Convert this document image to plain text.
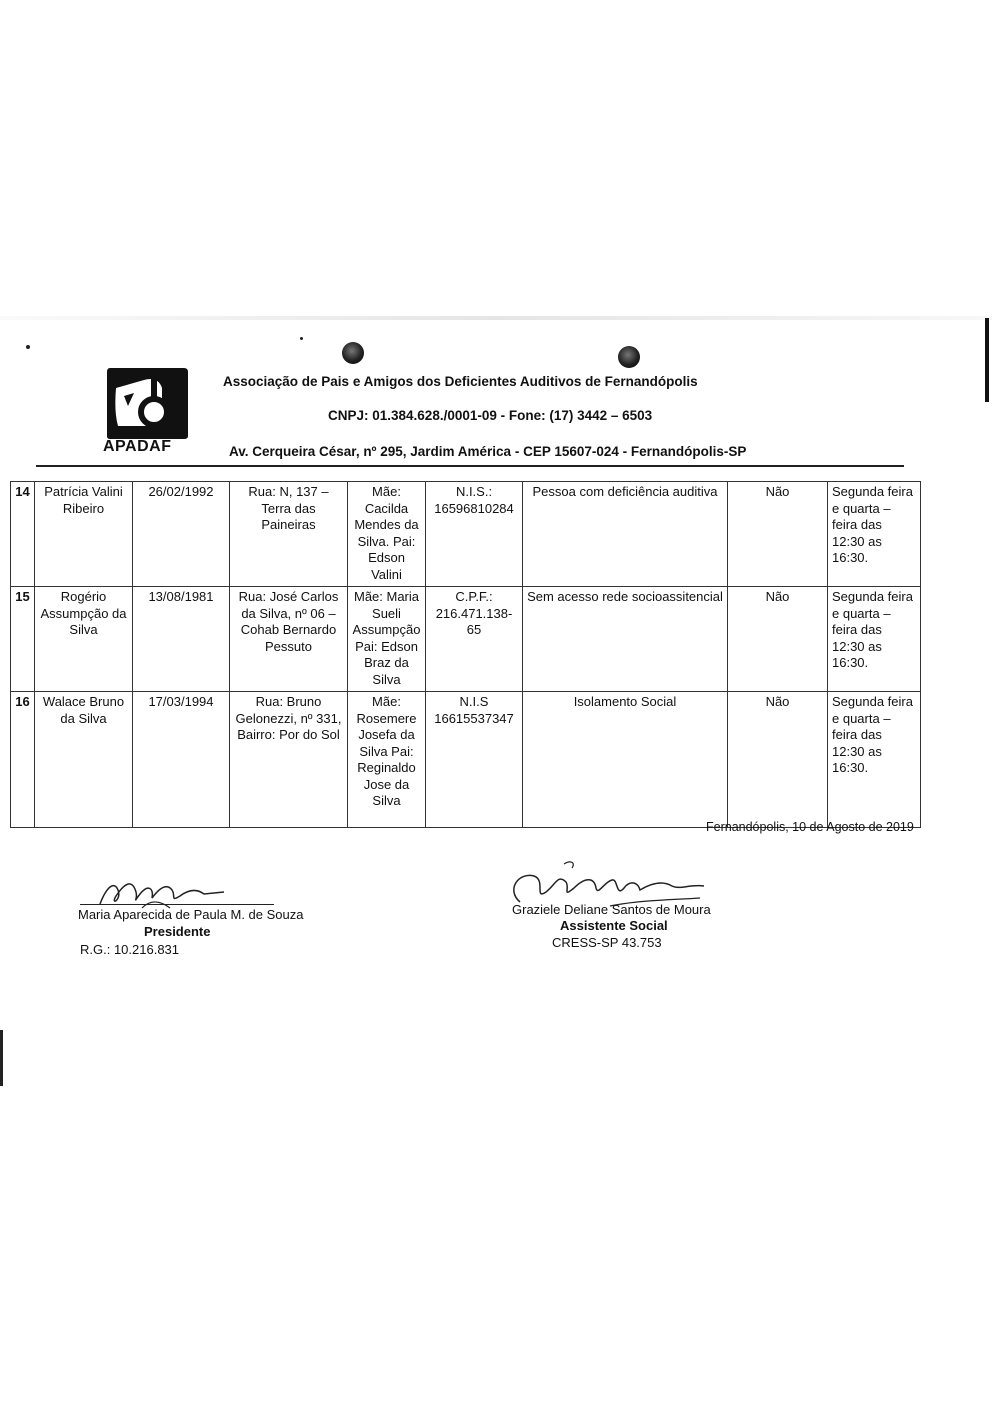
APADAF
Associação de Pais e Amigos dos Deficientes Auditivos de Fernandópolis
CNPJ: 01.384.628./0001-09 - Fone: (17) 3442 – 6503
Av. Cerqueira César, nº 295, Jardim América - CEP 15607-024 - Fernandópolis-SP
14	Patrícia Valini Ribeiro	26/02/1992	Rua: N, 137 – Terra das Paineiras	Mãe: Cacilda Mendes da Silva. Pai: Edson Valini	N.I.S.: 16596810284	Pessoa com deficiência auditiva	Não	Segunda feira e quarta – feira das 12:30 as 16:30.
15	Rogério Assumpção da Silva	13/08/1981	Rua: José Carlos da Silva, nº 06 – Cohab Bernardo Pessuto	Mãe: Maria Sueli Assumpção Pai: Edson Braz da Silva	C.P.F.: 216.471.138-65	Sem acesso rede socioassitencial	Não	Segunda feira e quarta – feira das 12:30 as 16:30.
16	Walace Bruno da Silva	17/03/1994	Rua: Bruno Gelonezzi, nº 331, Bairro: Por do Sol	Mãe: Rosemere Josefa da Silva Pai: Reginaldo Jose da Silva	N.I.S 16615537347	Isolamento Social	Não	Segunda feira e quarta – feira das 12:30 as 16:30.
Fernandópolis, 10 de Agosto de 2019
Maria Aparecida de Paula M. de Souza
Presidente
R.G.: 10.216.831
Graziele Deliane Santos de Moura
Assistente Social
CRESS-SP 43.753
